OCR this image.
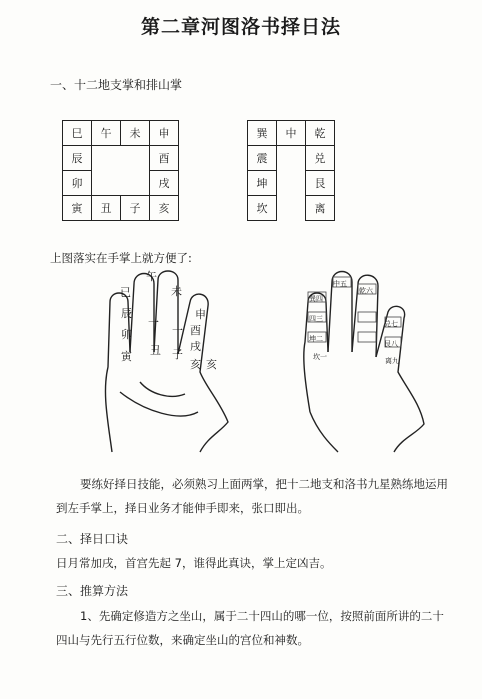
第二章河图洛书择日法
一、十二地支掌和排山掌
巳	午	未	申
辰			酉
卯			戌
寅	丑	子	亥
巽	中	乾
震		兑
坤		艮
坎		离
上图落实在手掌上就方便了:
午
未
已
申
辰
酉
卯
一
一
戌
亥
寅 丑 子
亥
中五
巽四
乾六
四三
兑七
坤二
艮八
坎一	离九
要练好择日技能，必须熟习上面两掌，把十二地支和洛书九星熟练地运用
到左手掌上，择日业务才能伸手即来，张口即出。
二、择日口诀
日月常加戌，首宫先起 7，谁得此真诀，掌上定凶吉。
三、推算方法
1、先确定修造方之坐山，属于二十四山的哪一位，按照前面所讲的二十
四山与先行五行位数，来确定坐山的宫位和神数。
